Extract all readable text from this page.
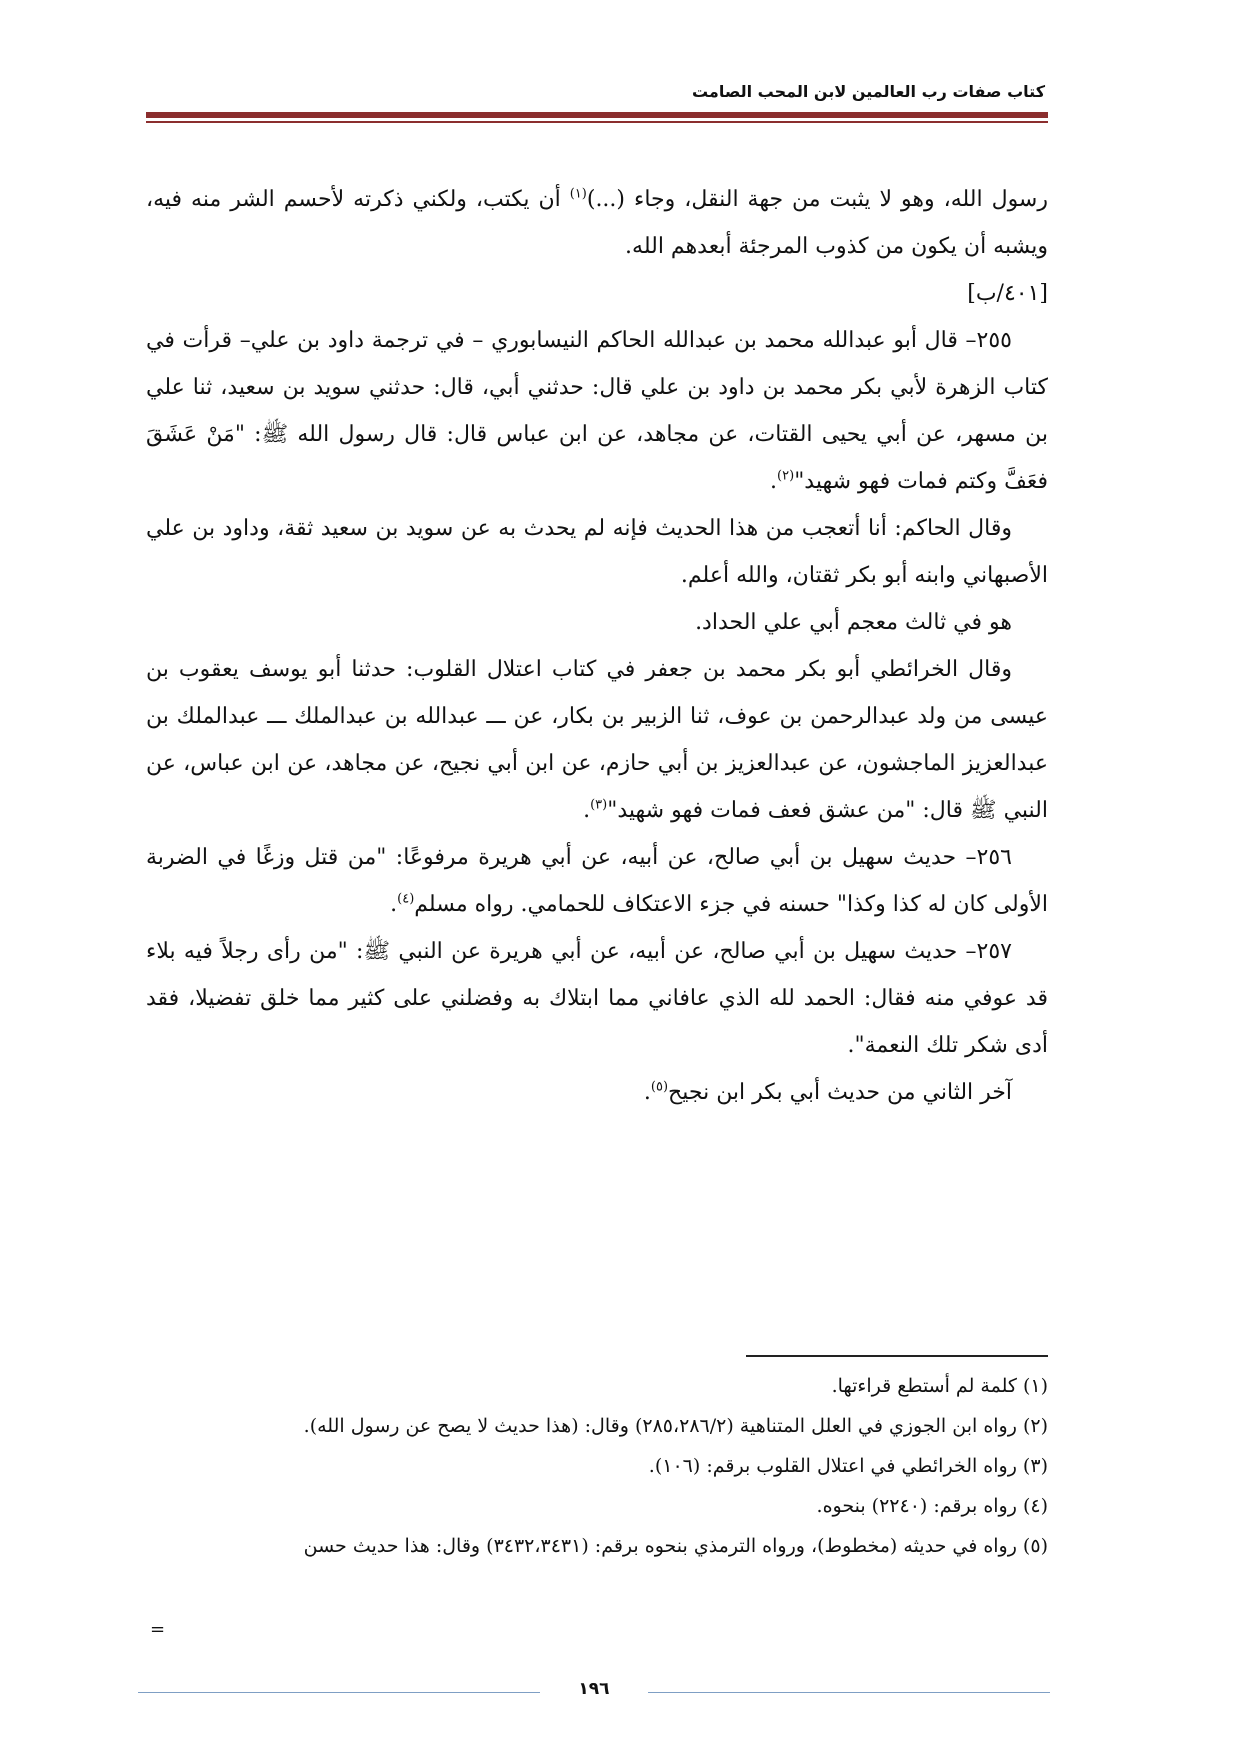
كتاب صفات رب العالمين لابن المحب الصامت

رسول الله، وهو لا يثبت من جهة النقل، وجاء (...)$^{(١)}$ أن يكتب، ولكني ذكرته لأحسم الشر منه فيه، ويشبه أن يكون من كذوب المرجئة أبعدهم الله.

[٤٠١/ب]

٢٥٥– قال أبو عبدالله محمد بن عبدالله الحاكم النيسابوري – في ترجمة داود بن علي– قرأت في كتاب الزهرة لأبي بكر محمد بن داود بن علي قال: حدثني أبي، قال: حدثني سويد بن سعيد، ثنا علي بن مسهر، عن أبي يحيى القتات، عن مجاهد، عن ابن عباس قال: قال رسول الله ﷺ: "مَنْ عَشَقَ فعَفَّ وكتم فمات فهو شهيد"$^{(٢)}$.

وقال الحاكم: أنا أتعجب من هذا الحديث فإنه لم يحدث به عن سويد بن سعيد ثقة، وداود بن علي الأصبهاني وابنه أبو بكر ثقتان، والله أعلم.

هو في ثالث معجم أبي علي الحداد.

وقال الخرائطي أبو بكر محمد بن جعفر في كتاب اعتلال القلوب: حدثنا أبو يوسف يعقوب بن عيسى من ولد عبدالرحمن بن عوف، ثنا الزبير بن بكار، عن ـــ عبدالله بن عبدالملك ـــ عبدالملك بن عبدالعزيز الماجشون، عن عبدالعزيز بن أبي حازم، عن ابن أبي نجيح، عن مجاهد، عن ابن عباس، عن النبي ﷺ قال: "من عشق فعف فمات فهو شهيد"$^{(٣)}$.

٢٥٦– حديث سهيل بن أبي صالح، عن أبيه، عن أبي هريرة مرفوعًا: "من قتل وزغًا في الضربة الأولى كان له كذا وكذا" حسنه في جزء الاعتكاف للحمامي. رواه مسلم$^{(٤)}$.

٢٥٧– حديث سهيل بن أبي صالح، عن أبيه، عن أبي هريرة عن النبي ﷺ: "من رأى رجلاً فيه بلاء قد عوفي منه فقال: الحمد لله الذي عافاني مما ابتلاك به وفضلني على كثير مما خلق تفضيلا، فقد أدى شكر تلك النعمة".

آخر الثاني من حديث أبي بكر ابن نجيح$^{(٥)}$.

(١) كلمة لم أستطع قراءتها.

(٢) رواه ابن الجوزي في العلل المتناهية (٢٨٥،٢٨٦/٢) وقال: (هذا حديث لا يصح عن رسول الله).

(٣) رواه الخرائطي في اعتلال القلوب برقم: (١٠٦).

(٤) رواه برقم: (٢٢٤٠) بنحوه.

(٥) رواه في حديثه (مخطوط)، ورواه الترمذي بنحوه برقم: (٣٤٣٢،٣٤٣١) وقال: هذا حديث حسن

=
١٩٦
